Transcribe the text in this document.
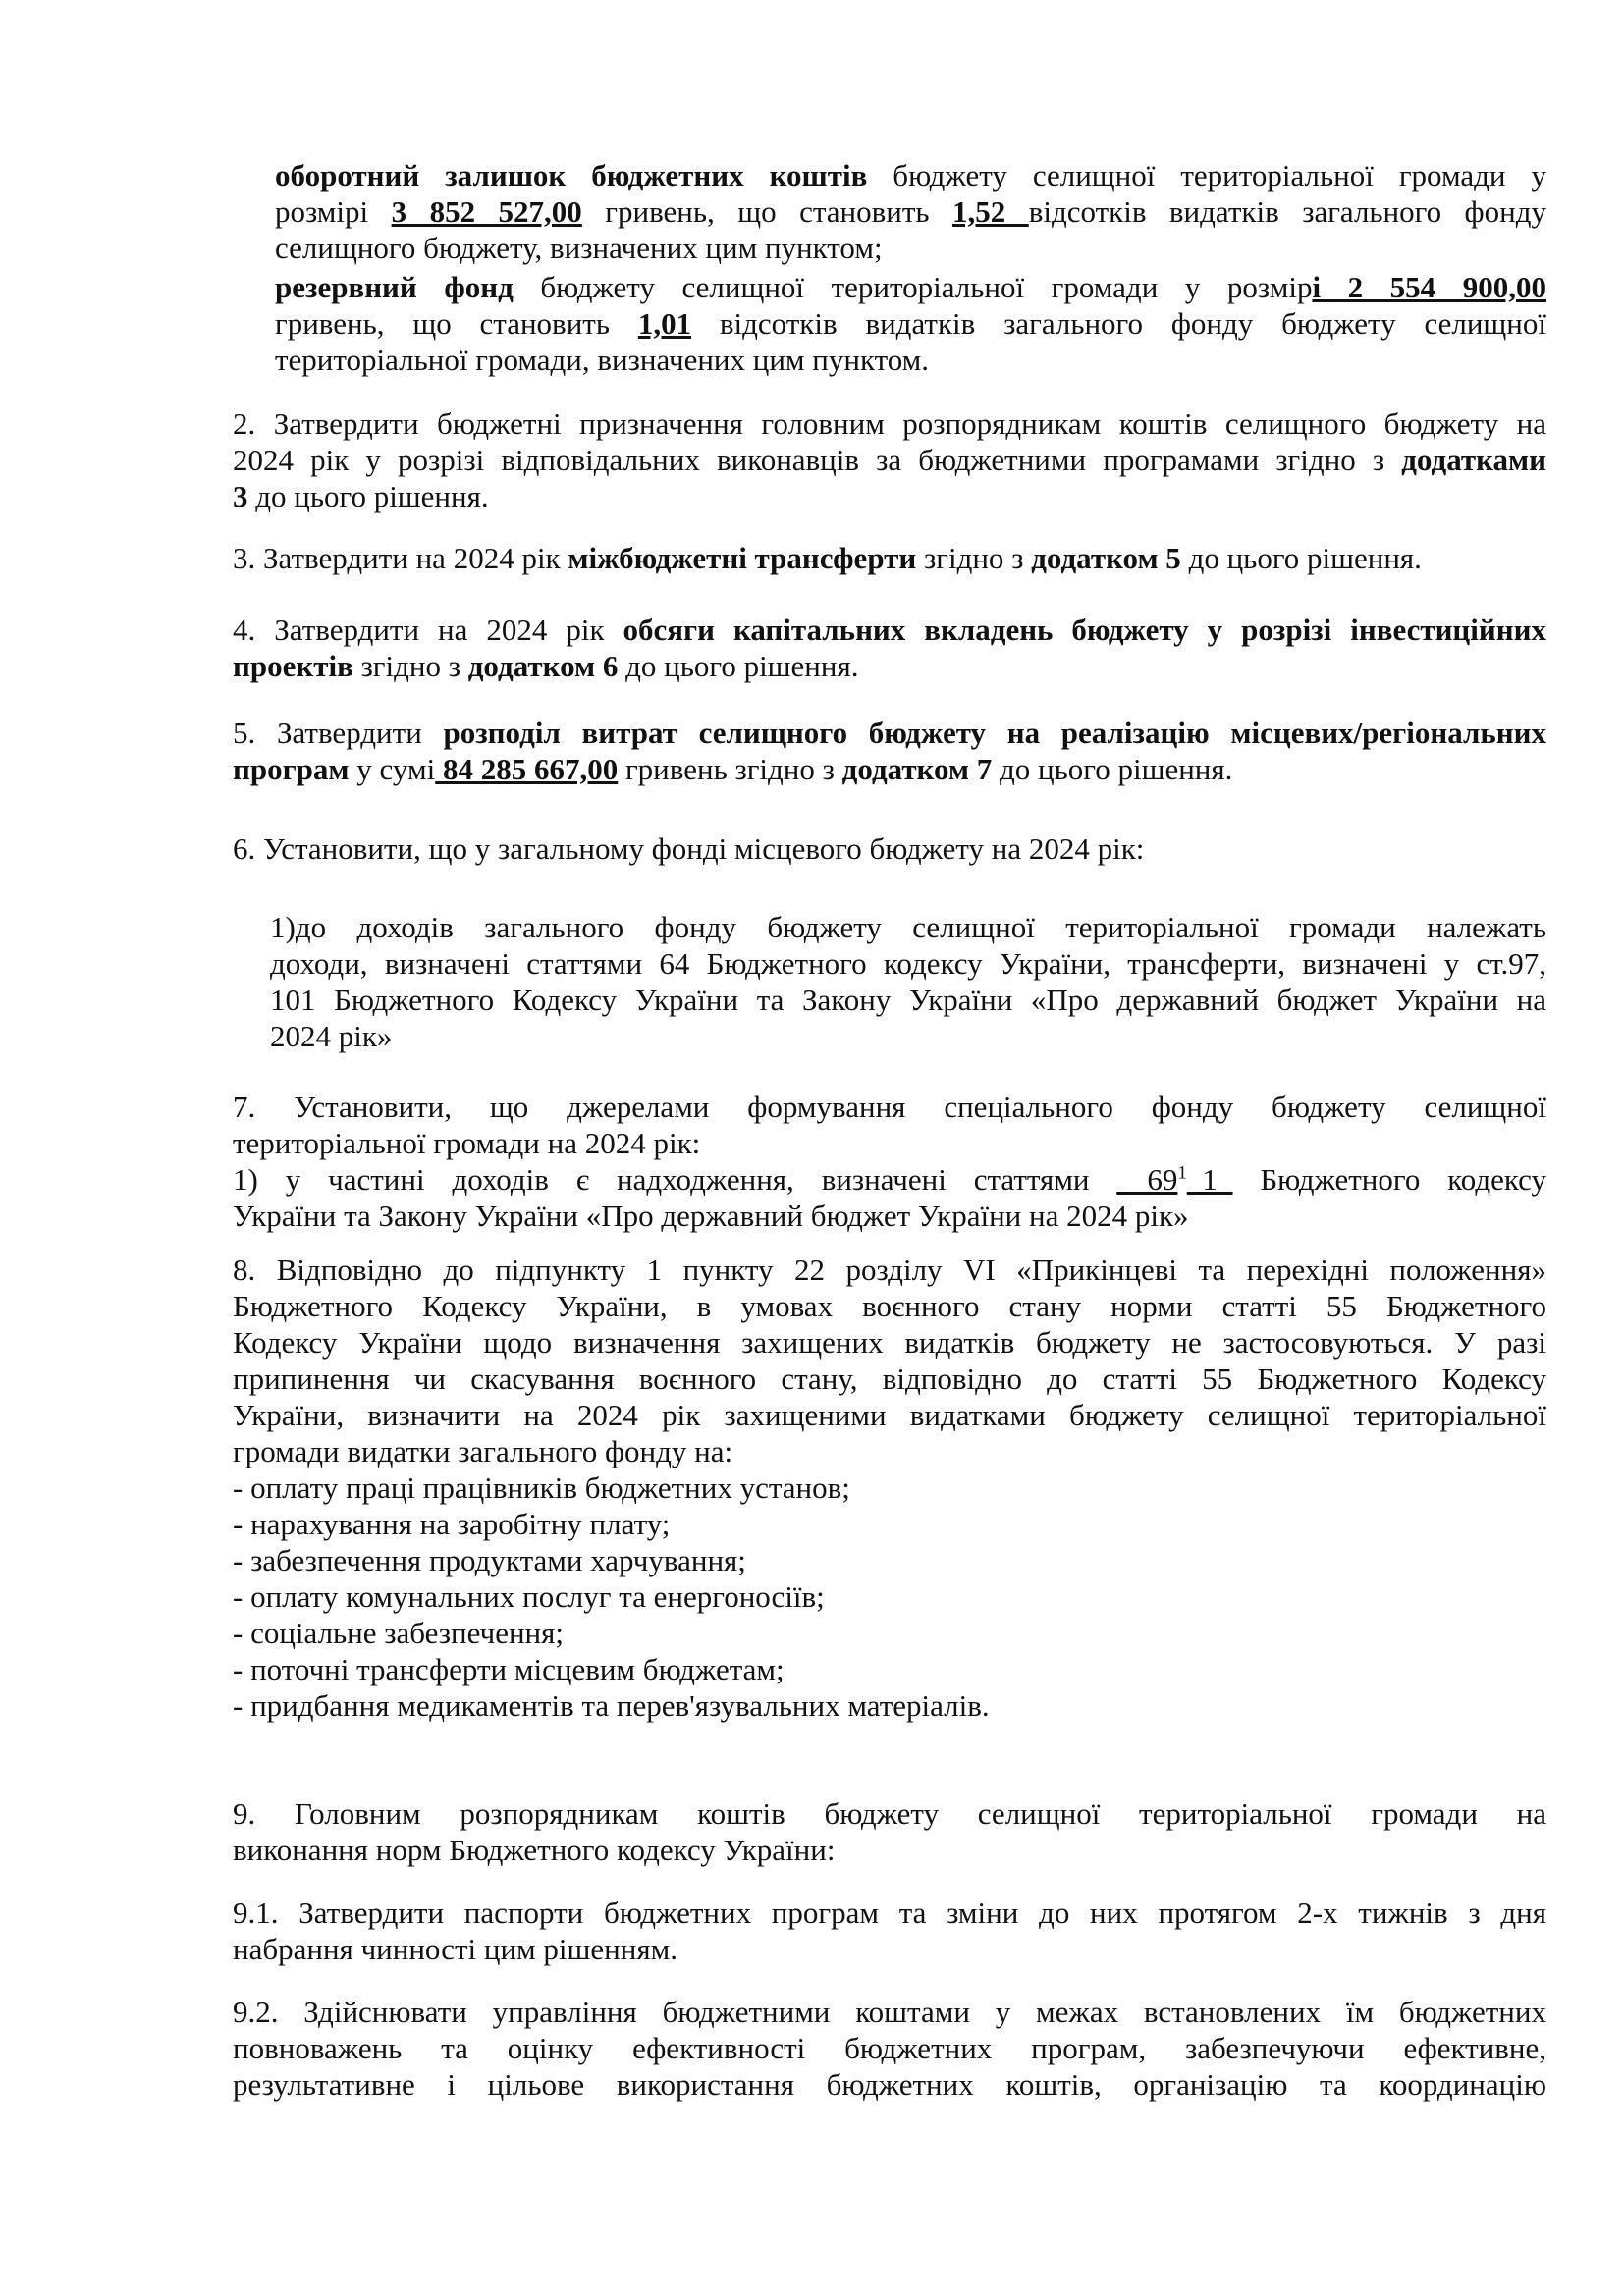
оборотний залишок бюджетних коштів бюджету селищної територіальної громади у
розмірі 3 852 527,00 гривень, що становить 1,52 відсотків видатків загального фонду
селищного бюджету, визначених цим пунктом;
резервний фонд бюджету селищної територіальної громади у розмірі 2 554 900,00
гривень, що становить 1,01 відсотків видатків загального фонду бюджету селищної
територіальної громади, визначених цим пунктом.
2. Затвердити бюджетні призначення головним розпорядникам коштів селищного бюджету на
2024 рік у розрізі відповідальних виконавців за бюджетними програмами згідно з додатками
3 до цього рішення.
3. Затвердити на 2024 рік міжбюджетні трансферти згідно з додатком 5 до цього рішення.
4. Затвердити на 2024 рік обсяги капітальних вкладень бюджету у розрізі інвестиційних
проектів згідно з додатком 6 до цього рішення.
5. Затвердити розподіл витрат селищного бюджету на реалізацію місцевих/регіональних
програм у сумі 84 285 667,00 гривень згідно з додатком 7 до цього рішення.
6. Установити, що у загальному фонді місцевого бюджету на 2024 рік:
1)до доходів загального фонду бюджету селищної територіальної громади належать
доходи, визначені статтями 64 Бюджетного кодексу України, трансферти, визначені у ст.97,
101 Бюджетного Кодексу України та Закону України «Про державний бюджет України на
2024 рік»
7. Установити, що джерелами формування спеціального фонду бюджету селищної
територіальної громади на 2024 рік:
1) у частині доходів є надходження, визначені статтями $\_\_69^1\_1\_$ Бюджетного кодексу
України та Закону України «Про державний бюджет України на 2024 рік»
8. Відповідно до підпункту 1 пункту 22 розділу VI «Прикінцеві та перехідні положення»
Бюджетного Кодексу України, в умовах воєнного стану норми статті 55 Бюджетного
Кодексу України щодо визначення захищених видатків бюджету не застосовуються. У разі
припинення чи скасування воєнного стану, відповідно до статті 55 Бюджетного Кодексу
України, визначити на 2024 рік захищеними видатками бюджету селищної територіальної
громади видатки загального фонду на:
- оплату праці працівників бюджетних установ;
- нарахування на заробітну плату;
- забезпечення продуктами харчування;
- оплату комунальних послуг та енергоносіїв;
- соціальне забезпечення;
- поточні трансферти місцевим бюджетам;
- придбання медикаментів та перев'язувальних матеріалів.
9. Головним розпорядникам коштів бюджету селищної територіальної громади на
виконання норм Бюджетного кодексу України:
9.1. Затвердити паспорти бюджетних програм та зміни до них протягом 2-х тижнів з дня
набрання чинності цим рішенням.
9.2. Здійснювати управління бюджетними коштами у межах встановлених їм бюджетних
повноважень та оцінку ефективності бюджетних програм, забезпечуючи ефективне,
результативне і цільове використання бюджетних коштів, організацію та координацію
